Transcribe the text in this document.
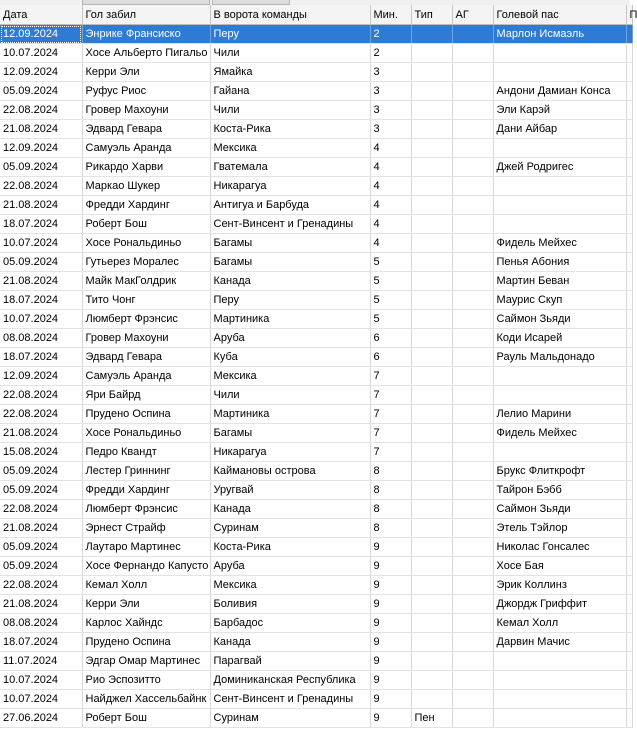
Дата	Гол забил	В ворота команды	Мин.	Тип	АГ	Голевой пас	П
12.09.2024	Энрике Франсиско	Перу	2			Марлон Исмаэль	
10.07.2024	Хосе Альберто Пигальо	Чили	2				
12.09.2024	Керри Эли	Ямайка	3				
05.09.2024	Руфус Риос	Гайана	3			Андони Дамиан Конса	
22.08.2024	Гровер Махоуни	Чили	3			Эли Карэй	
21.08.2024	Эдвард Гевара	Коста-Рика	3			Дани Айбар	
12.09.2024	Самуэль Аранда	Мексика	4				
05.09.2024	Рикардо Харви	Гватемала	4			Джей Родригес	
22.08.2024	Маркао Шукер	Никарагуа	4				
21.08.2024	Фредди Хардинг	Антигуа и Барбуда	4				
18.07.2024	Роберт Бош	Сент-Винсент и Гренадины	4				
10.07.2024	Хосе Рональдиньо	Багамы	4			Фидель Мейхес	
05.09.2024	Гутьерез Моралес	Багамы	5			Пенья Абония	
21.08.2024	Майк МакГолдрик	Канада	5			Мартин Беван	
18.07.2024	Тито Чонг	Перу	5			Маурис Скуп	
10.07.2024	Люмберт Фрэнсис	Мартиника	5			Саймон Зьяди	
08.08.2024	Гровер Махоуни	Аруба	6			Коди Исарей	
18.07.2024	Эдвард Гевара	Куба	6			Рауль Мальдонадо	
12.09.2024	Самуэль Аранда	Мексика	7				
22.08.2024	Яри Байрд	Чили	7				
22.08.2024	Прудено Оспина	Мартиника	7			Лелио Марини	
21.08.2024	Хосе Рональдиньо	Багамы	7			Фидель Мейхес	
15.08.2024	Педро Квандт	Никарагуа	7				
05.09.2024	Лестер Гриннинг	Каймановы острова	8			Брукс Флиткрофт	
05.09.2024	Фредди Хардинг	Уругвай	8			Тайрон Бэбб	
22.08.2024	Люмберт Фрэнсис	Канада	8			Саймон Зьяди	
21.08.2024	Эрнест Страйф	Суринам	8			Этель Тэйлор	
05.09.2024	Лаутаро Мартинес	Коста-Рика	9			Николас Гонсалес	
05.09.2024	Хосе Фернандо Капусто	Аруба	9			Хосе Бая	
22.08.2024	Кемал Холл	Мексика	9			Эрик Коллинз	
21.08.2024	Керри Эли	Боливия	9			Джордж Гриффит	
08.08.2024	Карлос Хайндс	Барбадос	9			Кемал Холл	
18.07.2024	Прудено Оспина	Канада	9			Дарвин Мачис	
11.07.2024	Эдгар Омар Мартинес	Парагвай	9				
10.07.2024	Рио Эспозитто	Доминиканская Республика	9				
10.07.2024	Найджел Хассельбайнк	Сент-Винсент и Гренадины	9				
27.06.2024	Роберт Бош	Суринам	9	Пен			
